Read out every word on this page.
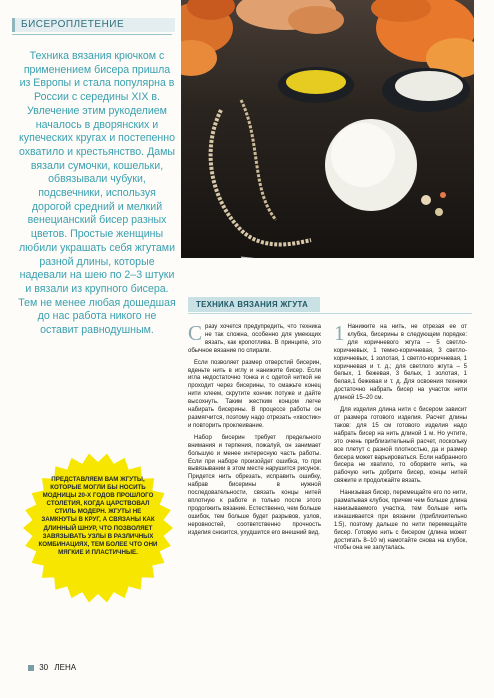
БИСЕРОПЛЕТЕНИЕ

Техника вязания крючком с применением бисера пришла из Европы и стала популярна в России с середины XIX в. Увлечение этим рукоделием началось в дворянских и купеческих кругах и постепенно охватило и крестьянство. Дамы вязали сумочки, кошельки, обвязывали чубуки, подсвечники, используя дорогой средний и мелкий венецианский бисер разных цветов. Простые женщины любили украшать себя жгутами разной длины, которые надевали на шею по 2–3 штуки и вязали из крупного бисера. Тем не менее любая дошедшая до нас работа никого не оставит равнодушным.

ПРЕДСТАВЛЯЕМ ВАМ ЖГУТЫ, КОТОРЫЕ МОГЛИ БЫ НОСИТЬ МОДНИЦЫ 20-Х ГОДОВ ПРОШЛОГО СТОЛЕТИЯ, КОГДА ЦАРСТВОВАЛ СТИЛЬ МОДЕРН. ЖГУТЫ НЕ ЗАМКНУТЫ В КРУГ, А СВЯЗАНЫ КАК ДЛИННЫЙ ШНУР, ЧТО ПОЗВОЛЯЕТ ЗАВЯЗЫВАТЬ УЗЛЫ В РАЗЛИЧНЫХ КОМБИНАЦИЯХ, ТЕМ БОЛЕЕ ЧТО ОНИ МЯГКИЕ И ПЛАСТИЧНЫЕ.

ТЕХНИКА ВЯЗАНИЯ ЖГУТА

Сразу хочется предупредить, что техника не так сложна, особенно для умеющих вязать, как кропотлива. В принципе, это обычное вязание по спирали.

Если позволяет размер отверстий бисерин, вденьте нить в иглу и нанижите бисер. Если игла недостаточно тонка и с одетой ниткой не проходит через бисерины, то смажьте конец нити клеем, скрутите кончик потуже и дайте высохнуть. Таким жестким концом легче набирать бисерины. В процессе работы он размягчится, поэтому надо отрезать «хвостик» и повторить проклеивание.

Набор бисерин требует предельного внимания и терпения, пожалуй, он занимает большую и менее интересную часть работы. Если при наборе произойдет ошибка, то при вывязывании в этом месте нарушится рисунок. Придется нить обрезать, исправить ошибку, набрав бисерины в нужной последовательности, связать концы нитей вплотную к работе и только после этого продолжить вязание. Естественно, чем больше ошибок, тем больше будет разрывов, узлов, неровностей, соответственно прочность изделия снизится, ухудшится его внешний вид.

1 Нанижите на нить, не отрезая ее от клубка, бисерины в следующем порядке: для коричневого жгута – 5 светло-коричневых, 1 темно-коричневая, 3 светло-коричневых, 1 золотая, 1 светло-коричневая, 1 коричневая и т. д.; для светлого жгута – 5 белых, 1 бежевая, 3 белых, 1 золотая, 1 белая,1 бежевая и т. д. Для освоения техники достаточно набрать бисер на участок нити длиной 15–20 см.

Для изделия длина нити с бисером зависит от размера готового изделия. Расчет длины таков: для 15 см готового изделия надо набрать бисер на нить длиной 1 м. Но учтите, это очень приблизительный расчет, поскольку все плетут с разной плотностью, да и размер бисера может варьироваться. Если набранного бисера не хватило, то оборвите нить, на рабочую нить добрите бисер, концы нитей свяжите и продолжайте вязать.

Нанизывая бисер, перемещайте его по нити, разматывая клубок, причем чем больше длина нанизываемого участка, тем больше нить изнашивается при вязании (приблизительно 1:5), поэтому дальше по нити перемещайте бисер. Готовую нить с бисером (длина может достигать 8–10 м) намотайте снова на клубок, чтобы она не запуталась.

30 ЛЕНА
